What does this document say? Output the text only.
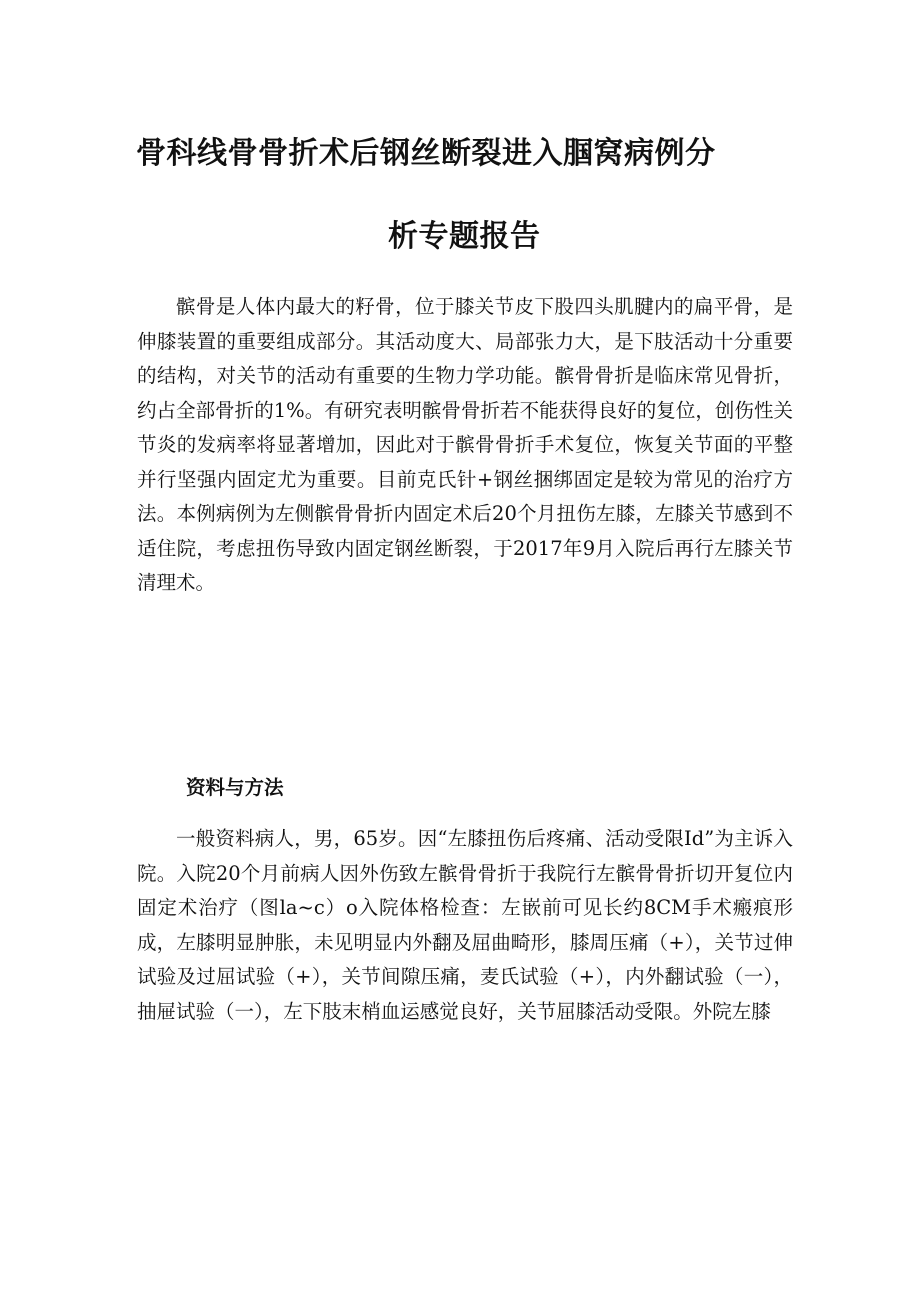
骨科线骨骨折术后钢丝断裂进入腘窝病例分
析专题报告

髌骨是人体内最大的籽骨，位于膝关节皮下股四头肌腱内的扁平骨，是伸膝装置的重要组成部分。其活动度大、局部张力大，是下肢活动十分重要的结构，对关节的活动有重要的生物力学功能。髌骨骨折是临床常见骨折，约占全部骨折的1%。有研究表明髌骨骨折若不能获得良好的复位，创伤性关节炎的发病率将显著增加，因此对于髌骨骨折手术复位，恢复关节面的平整并行坚强内固定尤为重要。目前克氏针+钢丝捆绑固定是较为常见的治疗方法。本例病例为左侧髌骨骨折内固定术后20个月扭伤左膝，左膝关节感到不适住院，考虑扭伤导致内固定钢丝断裂，于2017年9月入院后再行左膝关节清理术。

资料与方法

一般资料病人，男，65岁。因“左膝扭伤后疼痛、活动受限Id”为主诉入院。入院20个月前病人因外伤致左髌骨骨折于我院行左髌骨骨折切开复位内固定术治疗（图la~c）o入院体格检查：左嵌前可见长约8CM手术瘢痕形成，左膝明显肿胀，未见明显内外翻及屈曲畸形，膝周压痛（+），关节过伸试验及过屈试验（+），关节间隙压痛，麦氏试验（+），内外翻试验（一），抽屉试验（一），左下肢末梢血运感觉良好，关节屈膝活动受限。外院左膝
